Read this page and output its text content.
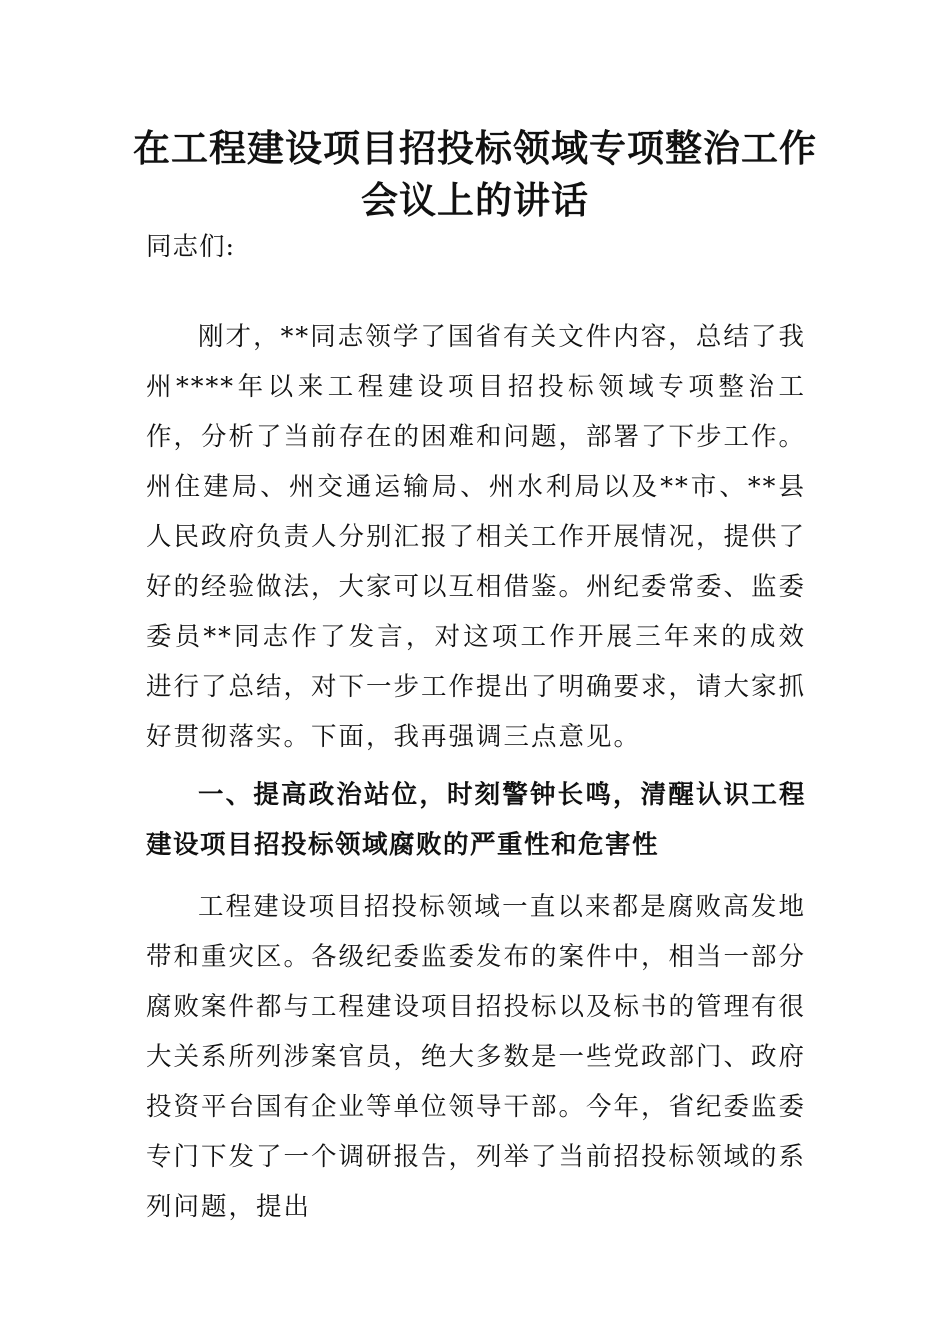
在工程建设项目招投标领域专项整治工作
会议上的讲话

同志们:

刚才，**同志领学了国省有关文件内容，总结了我州****年以来工程建设项目招投标领域专项整治工作，分析了当前存在的困难和问题，部署了下步工作。州住建局、州交通运输局、州水利局以及**市、**县人民政府负责人分别汇报了相关工作开展情况，提供了好的经验做法，大家可以互相借鉴。州纪委常委、监委委员**同志作了发言，对这项工作开展三年来的成效进行了总结，对下一步工作提出了明确要求，请大家抓好贯彻落实。下面，我再强调三点意见。

一、提高政治站位，时刻警钟长鸣，清醒认识工程建设项目招投标领域腐败的严重性和危害性

工程建设项目招投标领域一直以来都是腐败高发地带和重灾区。各级纪委监委发布的案件中，相当一部分腐败案件都与工程建设项目招投标以及标书的管理有很大关系所列涉案官员，绝大多数是一些党政部门、政府投资平台国有企业等单位领导干部。今年，省纪委监委专门下发了一个调研报告，列举了当前招投标领域的系列问题，提出
